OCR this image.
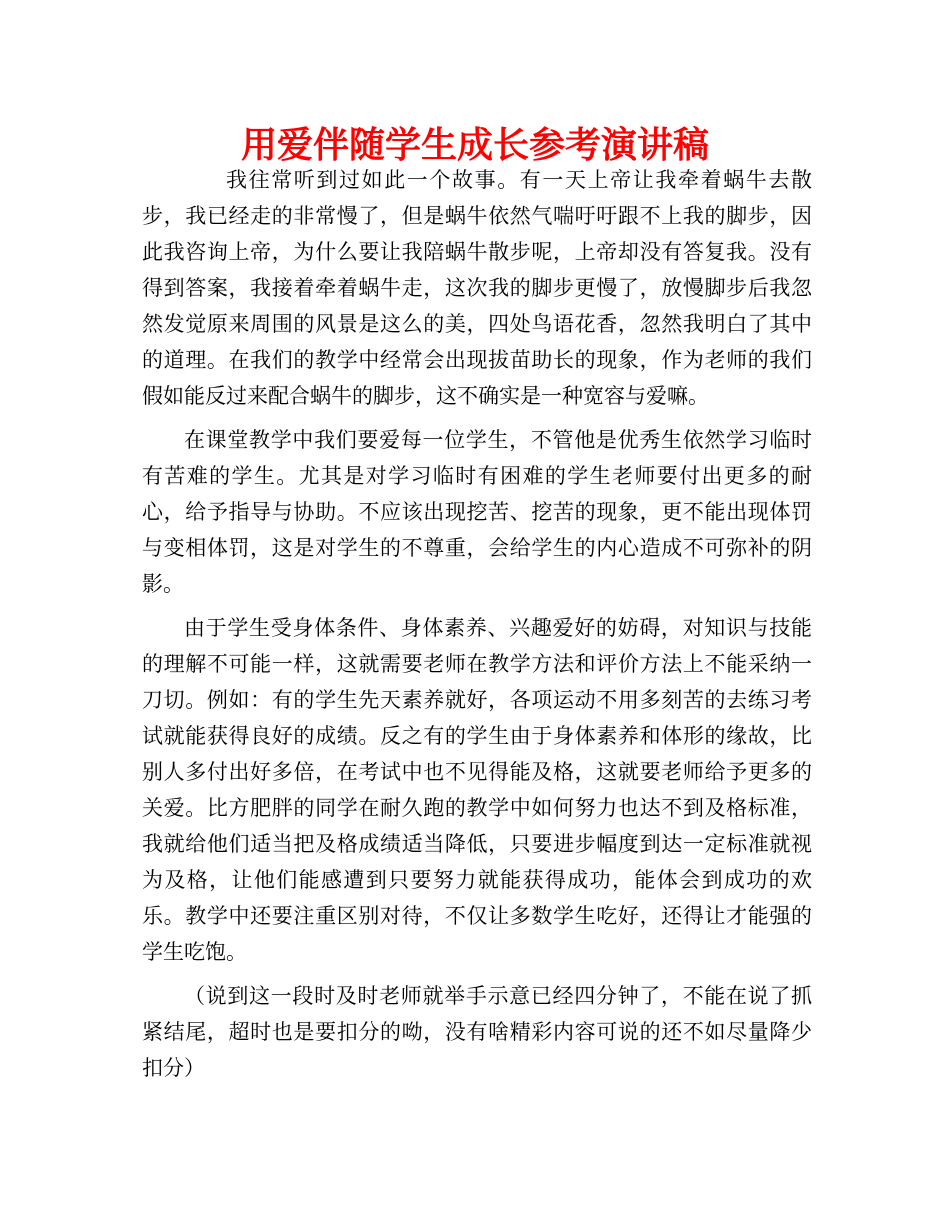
用爱伴随学生成长参考演讲稿

我往常听到过如此一个故事。有一天上帝让我牵着蜗牛去散步，我已经走的非常慢了，但是蜗牛依然气喘吁吁跟不上我的脚步，因此我咨询上帝，为什么要让我陪蜗牛散步呢，上帝却没有答复我。没有得到答案，我接着牵着蜗牛走，这次我的脚步更慢了，放慢脚步后我忽然发觉原来周围的风景是这么的美，四处鸟语花香，忽然我明白了其中的道理。在我们的教学中经常会出现拔苗助长的现象，作为老师的我们假如能反过来配合蜗牛的脚步，这不确实是一种宽容与爱嘛。

在课堂教学中我们要爱每一位学生，不管他是优秀生依然学习临时有苦难的学生。尤其是对学习临时有困难的学生老师要付出更多的耐心，给予指导与协助。不应该出现挖苦、挖苦的现象，更不能出现体罚与变相体罚，这是对学生的不尊重，会给学生的内心造成不可弥补的阴影。

由于学生受身体条件、身体素养、兴趣爱好的妨碍，对知识与技能的理解不可能一样，这就需要老师在教学方法和评价方法上不能采纳一刀切。例如：有的学生先天素养就好，各项运动不用多刻苦的去练习考试就能获得良好的成绩。反之有的学生由于身体素养和体形的缘故，比别人多付出好多倍，在考试中也不见得能及格，这就要老师给予更多的关爱。比方肥胖的同学在耐久跑的教学中如何努力也达不到及格标准，我就给他们适当把及格成绩适当降低，只要进步幅度到达一定标准就视为及格，让他们能感遭到只要努力就能获得成功，能体会到成功的欢乐。教学中还要注重区别对待，不仅让多数学生吃好，还得让才能强的学生吃饱。

（说到这一段时及时老师就举手示意已经四分钟了，不能在说了抓紧结尾，超时也是要扣分的呦，没有啥精彩内容可说的还不如尽量降少扣分）
